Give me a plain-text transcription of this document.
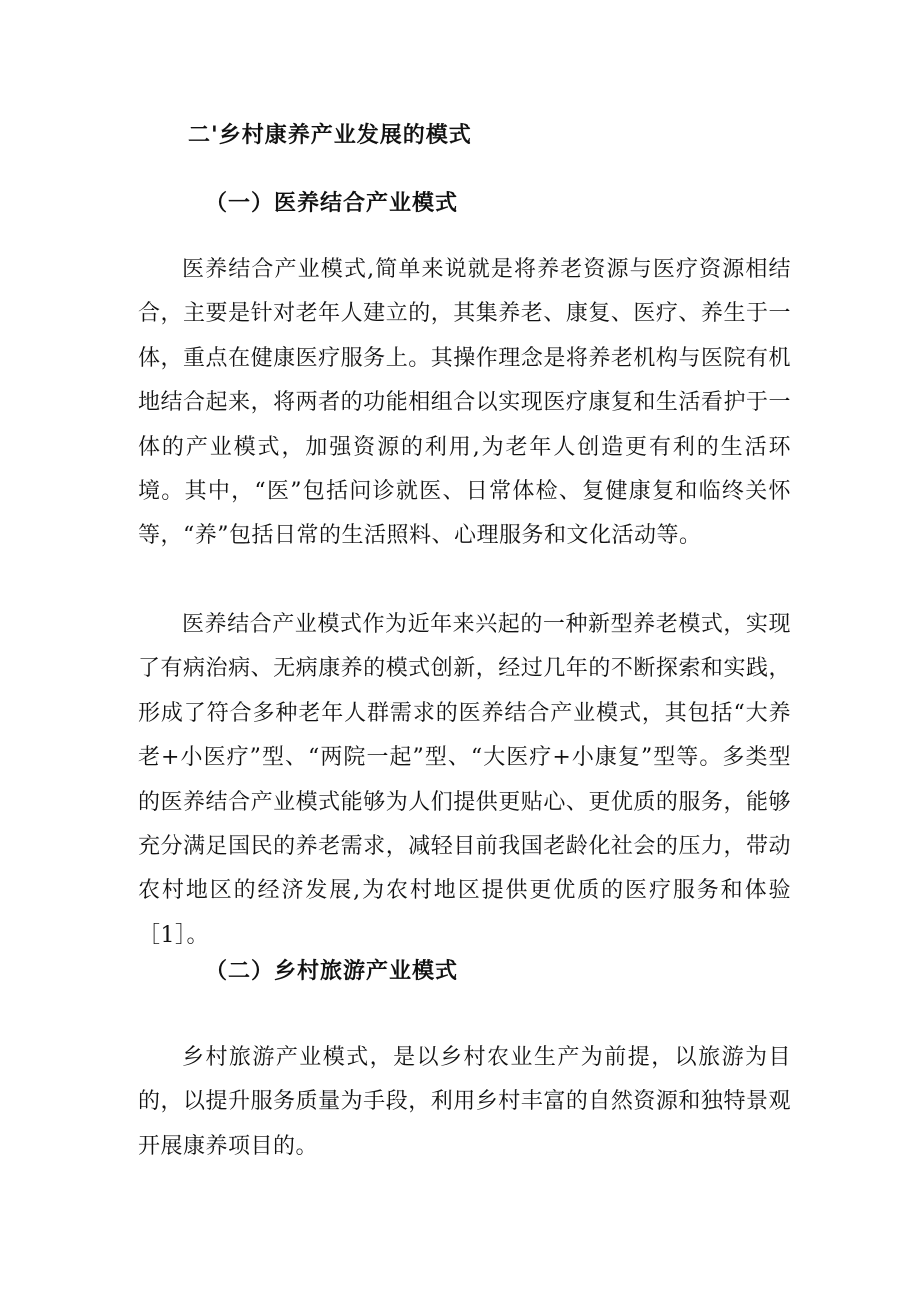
二'乡村康养产业发展的模式
（一）医养结合产业模式

医养结合产业模式,简单来说就是将养老资源与医疗资源相结合，主要是针对老年人建立的，其集养老、康复、医疗、养生于一体，重点在健康医疗服务上。其操作理念是将养老机构与医院有机地结合起来，将两者的功能相组合以实现医疗康复和生活看护于一体的产业模式，加强资源的利用,为老年人创造更有利的生活环境。其中，“医”包括问诊就医、日常体检、复健康复和临终关怀等，“养”包括日常的生活照料、心理服务和文化活动等。

医养结合产业模式作为近年来兴起的一种新型养老模式，实现了有病治病、无病康养的模式创新，经过几年的不断探索和实践，形成了符合多种老年人群需求的医养结合产业模式，其包括“大养老+小医疗”型、“两院一起”型、“大医疗+小康复”型等。多类型的医养结合产业模式能够为人们提供更贴心、更优质的服务，能够充分满足国民的养老需求，减轻目前我国老龄化社会的压力，带动农村地区的经济发展,为农村地区提供更优质的医疗服务和体验［1］。

（二）乡村旅游产业模式

乡村旅游产业模式，是以乡村农业生产为前提，以旅游为目的，以提升服务质量为手段，利用乡村丰富的自然资源和独特景观开展康养项目的。
